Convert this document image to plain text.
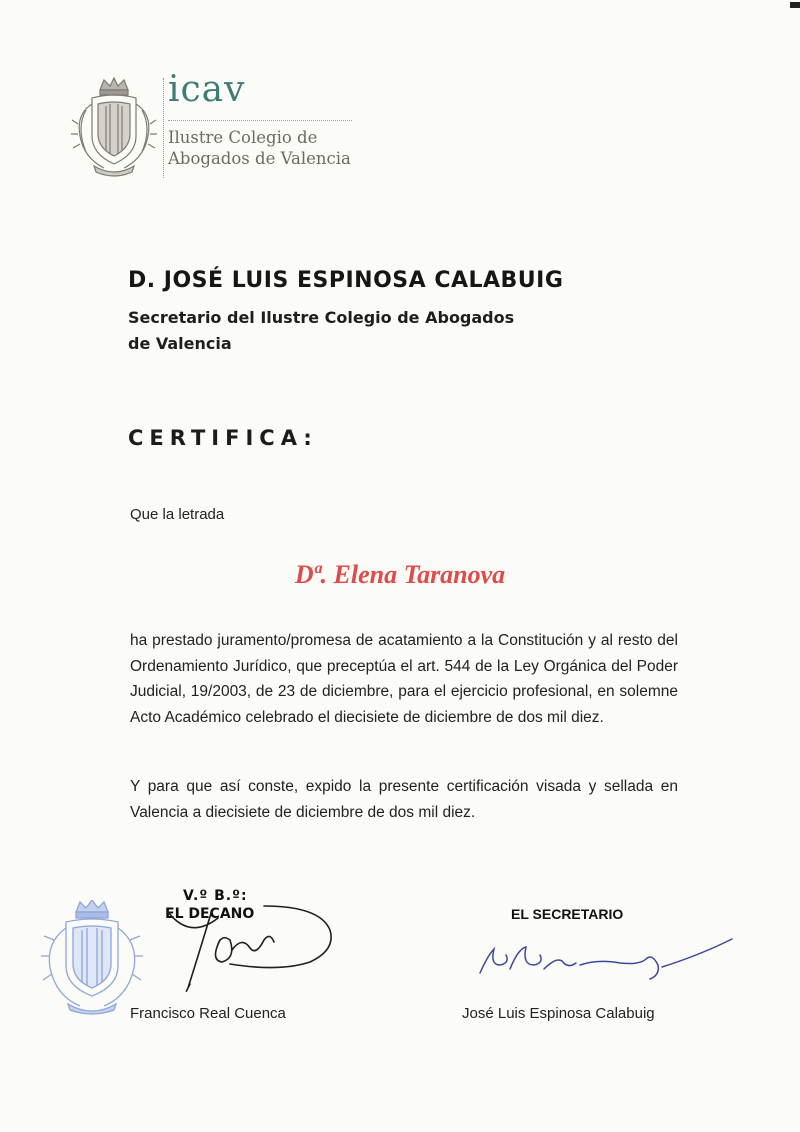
icav
Ilustre Colegio de
Abogados de Valencia
D. JOSÉ LUIS ESPINOSA CALABUIG
Secretario del Ilustre Colegio de Abogados
de Valencia
CERTIFICA:
Que la letrada
Dª. Elena Taranova
ha prestado juramento/promesa de acatamiento a la Constitución y al resto del Ordenamiento Jurídico, que preceptúa el art. 544 de la Ley Orgánica del Poder Judicial, 19/2003, de 23 de diciembre, para el ejercicio profesional, en solemne Acto Académico celebrado el diecisiete de diciembre de dos mil diez.
Y para que así conste, expido la presente certificación visada y sellada en Valencia a diecisiete de diciembre de dos mil diez.
V.º B.º:
EL DECANO	EL SECRETARIO
Francisco Real Cuenca	José Luis Espinosa Calabuig
